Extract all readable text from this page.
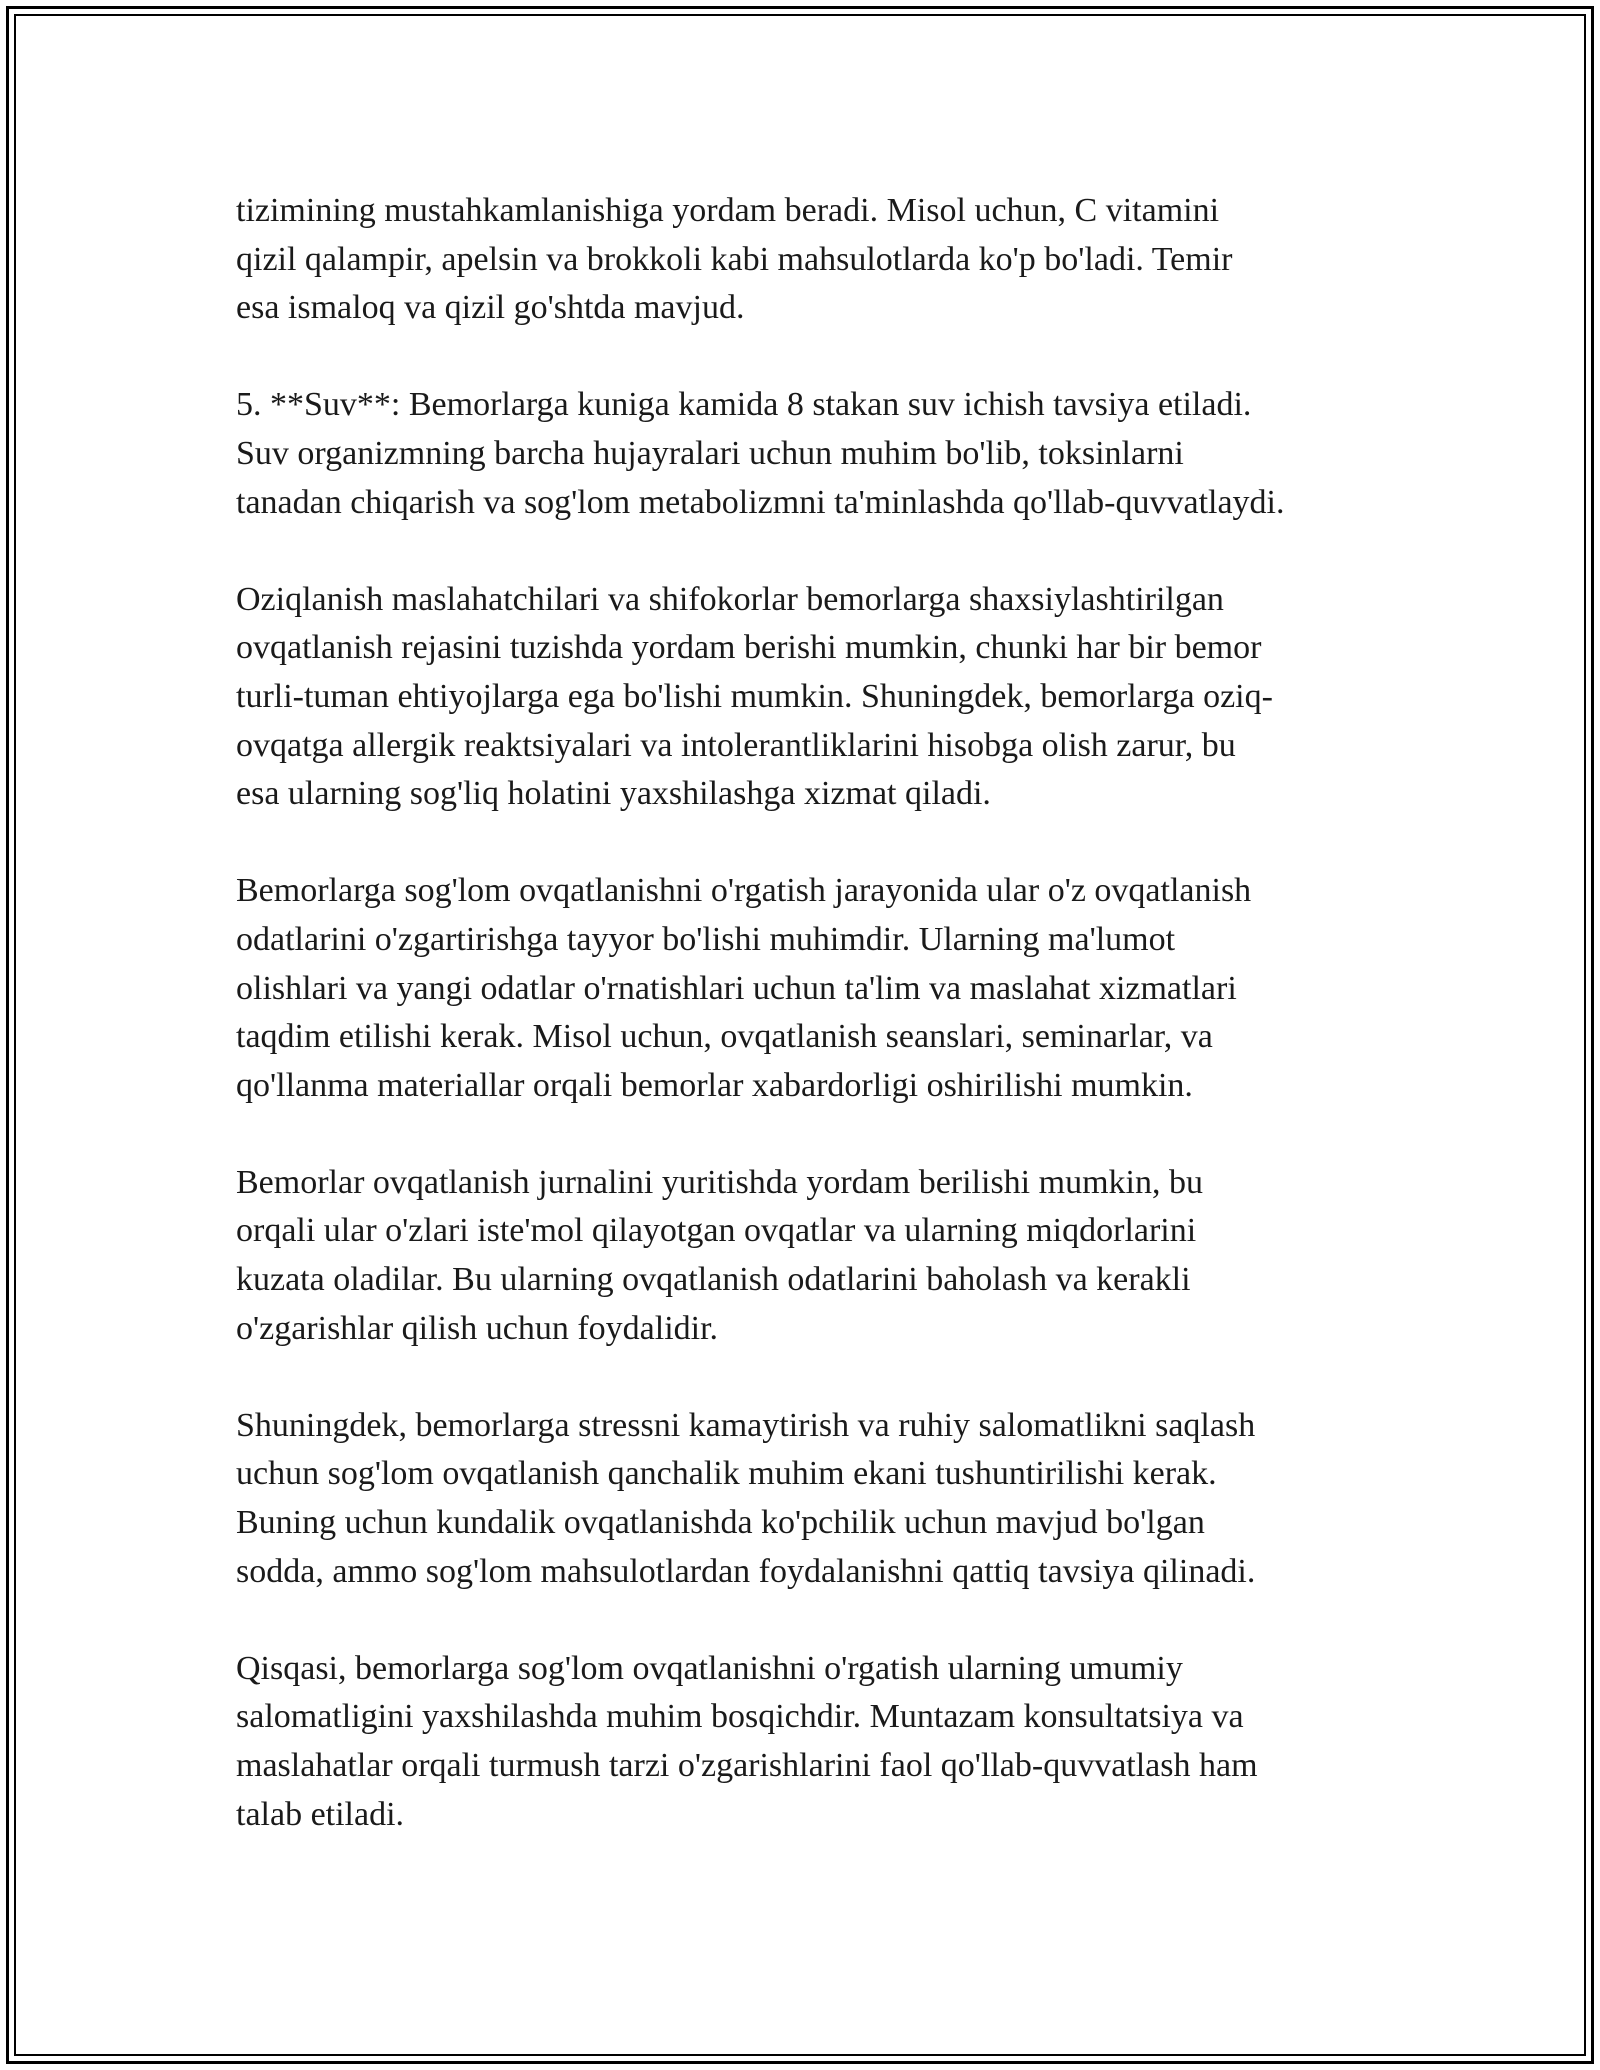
tizimining mustahkamlanishiga yordam beradi. Misol uchun, C vitamini
qizil qalampir, apelsin va brokkoli kabi mahsulotlarda ko'p bo'ladi. Temir
esa ismaloq va qizil go'shtda mavjud.

5. **Suv**: Bemorlarga kuniga kamida 8 stakan suv ichish tavsiya etiladi.
Suv organizmning barcha hujayralari uchun muhim bo'lib, toksinlarni
tanadan chiqarish va sog'lom metabolizmni ta'minlashda qo'llab-quvvatlaydi.

Oziqlanish maslahatchilari va shifokorlar bemorlarga shaxsiylashtirilgan
ovqatlanish rejasini tuzishda yordam berishi mumkin, chunki har bir bemor
turli-tuman ehtiyojlarga ega bo'lishi mumkin. Shuningdek, bemorlarga oziq-
ovqatga allergik reaktsiyalari va intolerantliklarini hisobga olish zarur, bu
esa ularning sog'liq holatini yaxshilashga xizmat qiladi.

Bemorlarga sog'lom ovqatlanishni o'rgatish jarayonida ular o'z ovqatlanish
odatlarini o'zgartirishga tayyor bo'lishi muhimdir. Ularning ma'lumot
olishlari va yangi odatlar o'rnatishlari uchun ta'lim va maslahat xizmatlari
taqdim etilishi kerak. Misol uchun, ovqatlanish seanslari, seminarlar, va
qo'llanma materiallar orqali bemorlar xabardorligi oshirilishi mumkin.

Bemorlar ovqatlanish jurnalini yuritishda yordam berilishi mumkin, bu
orqali ular o'zlari iste'mol qilayotgan ovqatlar va ularning miqdorlarini
kuzata oladilar. Bu ularning ovqatlanish odatlarini baholash va kerakli
o'zgarishlar qilish uchun foydalidir.

Shuningdek, bemorlarga stressni kamaytirish va ruhiy salomatlikni saqlash
uchun sog'lom ovqatlanish qanchalik muhim ekani tushuntirilishi kerak.
Buning uchun kundalik ovqatlanishda ko'pchilik uchun mavjud bo'lgan
sodda, ammo sog'lom mahsulotlardan foydalanishni qattiq tavsiya qilinadi.

Qisqasi, bemorlarga sog'lom ovqatlanishni o'rgatish ularning umumiy
salomatligini yaxshilashda muhim bosqichdir. Muntazam konsultatsiya va
maslahatlar orqali turmush tarzi o'zgarishlarini faol qo'llab-quvvatlash ham
talab etiladi.
